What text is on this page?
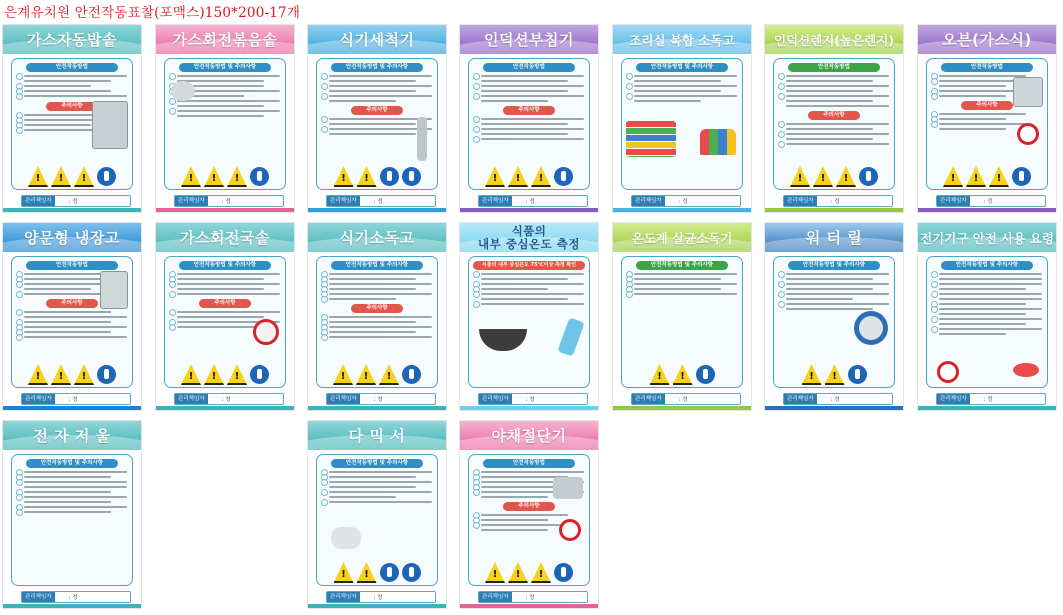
은계유치원 안전작동표찰(포맥스)150*200-17개
가스자동밥솥
안전작동방법
주의사항
!
!
!
관리책임자	: 정
가스회전볶음솥
안전작동방법 및 주의사항
!
!
!
관리책임자	: 정
식기세척기
안전작동방법 및 주의사항
주의사항
!
!
관리책임자	: 정
인덕션부침기
안전작동방법
주의사항
!
!
!
관리책임자	: 정
조리실 복합 소독고
안전작동방법 및 주의사항
관리책임자	: 정
인덕션렌지(높은렌지)
안전작동방법
주의사항
!
!
!
관리책임자	: 정
오븐(가스식)
안전작동방법
주의사항
!
!
!
관리책임자	: 정
양문형 냉장고
안전작동방법
주의사항
!
!
!
관리책임자	: 정
가스회전국솥
안전작동방법 및 주의사항
주의사항
!
!
!
관리책임자	: 정
식기소독고
안전작동방법 및 주의사항
주의사항
!
!
!
관리책임자	: 정
식품의
내부 중심온도 측정
식품의 내부 중심온도 75℃이상 측정 확인
관리책임자	: 정
온도계 살균소독기
안전작동방법 및 주의사항
!
!
관리책임자	: 정
워 터 릴
안전작동방법 및 주의사항
!
!
관리책임자	: 정
전기기구 안전 사용 요령
안전작동방법 및 주의사항
관리책임자	: 정
전 자 저 울
안전작동방법 및 주의사항
관리책임자	: 정
다 믹 서
안전작동방법 및 주의사항
!
!
관리책임자	: 정
야채절단기
안전작동방법
주의사항
!
!
!
관리책임자	: 정
